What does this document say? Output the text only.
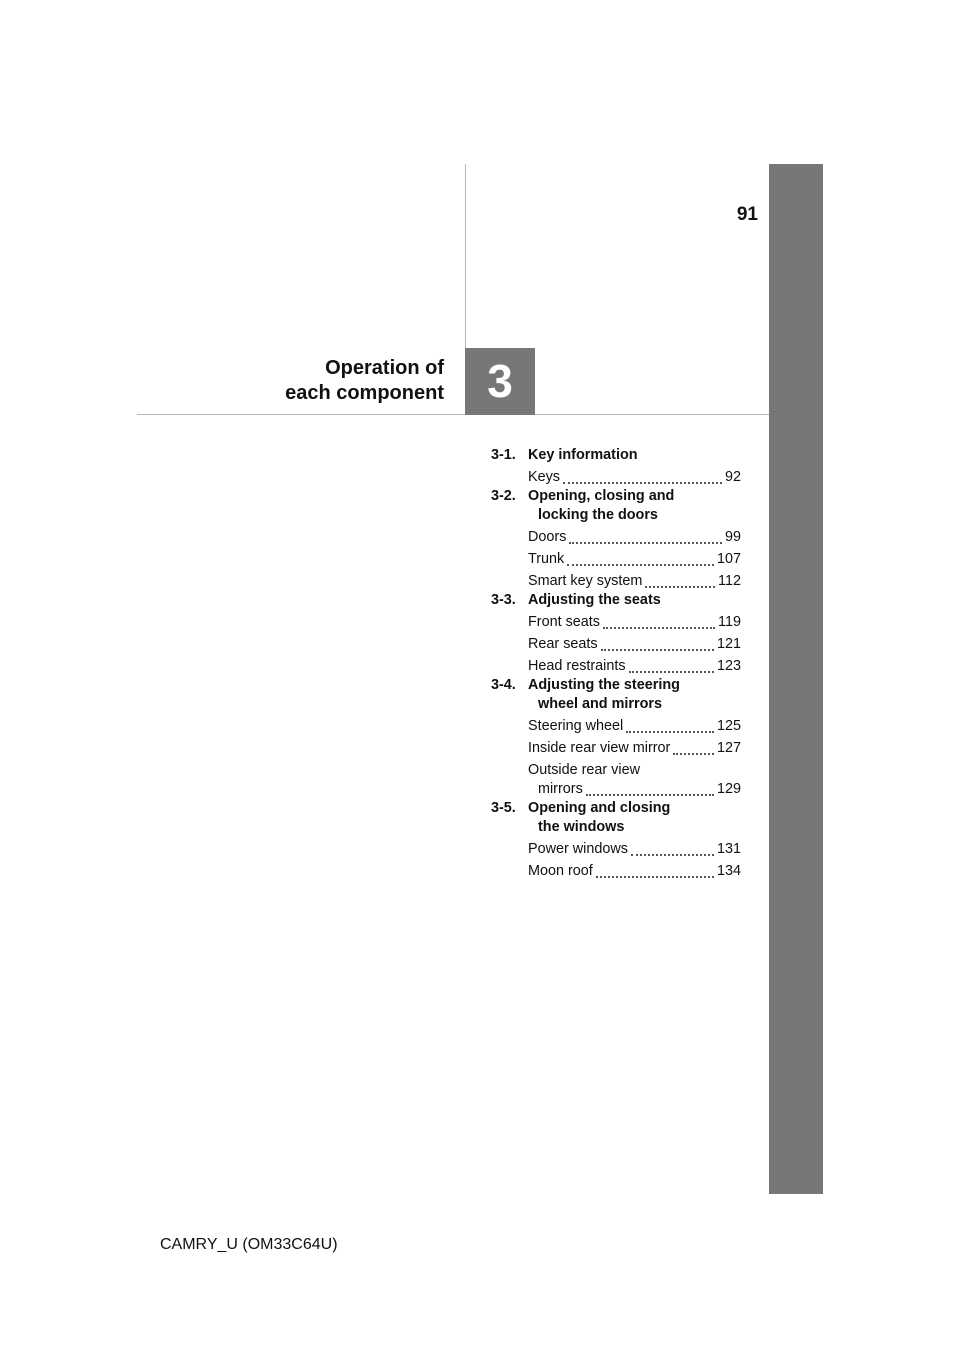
91
Operation of
each component 3
3-1. Key information
Keys	92
3-2. Opening, closing and
locking the doors
Doors	99
Trunk	107
Smart key system	112
3-3. Adjusting the seats
Front seats	119
Rear seats	121
Head restraints	123
3-4. Adjusting the steering
wheel and mirrors
Steering wheel	125
Inside rear view mirror	127
Outside rear view
mirrors	129
3-5. Opening and closing
the windows
Power windows	131
Moon roof	134
CAMRY_U (OM33C64U)
